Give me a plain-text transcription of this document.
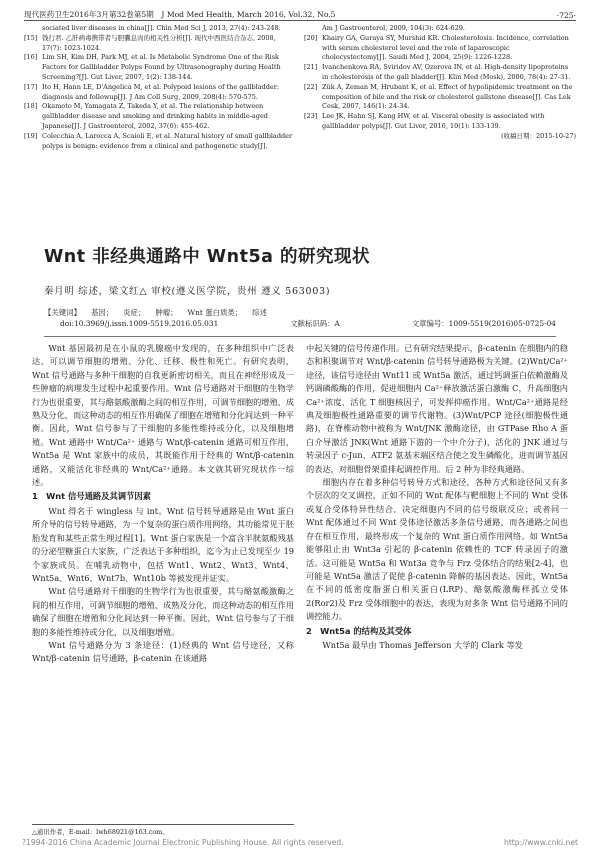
现代医药卫生2016年3月第32卷第5期　J Mod Med Health, March 2016, Vol.32, No.5	·725·
sociated liver diseases in china[J]. Chin Med Sci J, 2013, 27(4): 243-248.
[15] 钱行君. 乙肝病毒携带者与胆囊息肉的相关性分析[J]. 现代中西医结合杂志, 2008, 17(7): 1023-1024.
[16] Lim SH, Kim DH, Park MJ, et al. Is Metabolic Syndrome One of the Risk Factors for Gallbladder Polyps Found by Ultrasonography during Health Screening?[J]. Gut Liver, 2007, 1(2): 138-144.
[17] Ito H, Hann LE, D'Angelica M, et al. Polypoid lesions of the gallbladder: diagnosis and followup[J]. J Am Coll Surg, 2009, 208(4): 570-575.
[18] Okamoto M, Yamagata Z, Takeda Y, et al. The relationship between gallbladder disease and smoking and drinking habits in middle-aged Japanese[J]. J Gastroenterol, 2002, 37(6): 455-462.
[19] Colecchia A, Larocca A, Scaioli E, et al. Natural history of small gallbladder polyps is benign: evidence from a clinical and pathogenetic study[J].
Am J Gastroenterol, 2009, 104(3): 624-629.
[20] Khairy GA, Guraya SY, Murshid KR. Cholesterolosis. Incidence, correlation with serum cholesterol level and the role of laparoscopic cholecystectomy[J]. Saudi Med J, 2004, 25(9): 1226-1228.
[21] Ivanchenkova RA, Sviridov AV, Ozerova IN, et al. High-density lipoproteins in cholesterosis of the gall bladder[J]. Klin Med (Mosk), 2000, 78(4): 27-31.
[22] Zük A, Zeman M, Hrubant K, et al. Effect of hypolipidemic treatment on the composition of bile and the risk or cholesterol gallstone disease[J]. Cas Lek Cesk, 2007, 146(1): 24-34.
[23] Lee JK, Hahn SJ, Kang HW, et al. Visceral obesity is associated with gallbladder polyps[J]. Gut Liver, 2016, 10(1): 133-139.
(收稿日期：2015-10-27)
Wnt 非经典通路中 Wnt5a 的研究现状
秦月明 综述，梁文红△ 审校(遵义医学院，贵州 遵义 563003)
【关键词】 基因； 炎症； 肿瘤； Wnt 蛋白质类； 综述
doi:10.3969/j.issn.1009-5519.2016.05.031	文献标识码：A	文章编号：1009-5519(2016)05-0725-04

Wnt 基因最初是在小鼠的乳腺癌中发现的，在多种组织中广泛表达，可以调节细胞的增殖、分化、迁移、极性和死亡。有研究表明，Wnt 信号通路与多种干细胞的自我更新密切相关，而且在神经形成及一些肿瘤的病理发生过程中起重要作用。Wnt 信号通路对干细胞的生物学行为也很重要，其与酪氨酸激酶之间的相互作用，可调节细胞的增殖、成熟及分化，而这种动态的相互作用确保了细胞在增殖和分化间达到一种平衡。因此，Wnt 信号参与了干细胞的多能性维持或分化，以及细胞增殖。Wnt 通路中 Wnt/Ca²⁺ 通路与 Wnt/β-catenin 通路可相互作用，Wnt5a 是 Wnt 家族中的成员，其既能作用于经典的 Wnt/β-catenin 通路，又能活化非经典的 Wnt/Ca²⁺通路。本文就其研究现状作一综述。

1　Wnt 信号通路及其调节因素

Wnt 得名于 wingless 与 int。Wnt 信号转导通路是由 Wnt 蛋白所介导的信号转导通路，为一个复杂的蛋白质作用网络，其功能常见于胚胎发育和某些正常生理过程[1]。Wnt 蛋白家族是一个富含半胱氨酸残基的分泌型糖蛋白大家族，广泛表达于多种组织，迄今为止已发现至少 19 个家族成员。在哺乳动物中，包括 Wnt1、Wnt2、Wnt3、Wnt4、Wnt5a、Wnt6、Wnt7b、Wnt10b 等被发现并证实。

Wnt 信号通路对干细胞的生物学行为也很重要，其与酪氨酸激酶之间的相互作用，可调节细胞的增殖、成熟及分化，而这种动态的相互作用确保了细胞在增殖和分化间达到一种平衡。因此，Wnt 信号参与了干细胞的多能性维持或分化，以及细胞增殖。

Wnt 信号通路分为 3 条途径：(1)经典的 Wnt 信号途径，又称 Wnt/β-catenin 信号通路，β-catenin 在该通路

中起关键的信号传递作用。已有研究结果提示，β-catenin 在细胞内的稳态和积聚调节对 Wnt/β-catenin 信号转导通路极为关键。(2)Wnt/Ca²⁺途径，该信号途径由 Wnt11 或 Wnt5a 激活，通过钙调蛋白依赖激酶及钙调磷酸酶的作用，促进细胞内 Ca²⁺释放激活蛋白激酶 C，升高细胞内 Ca²⁺浓度，活化 T 细胞核因子，可发挥抑癌作用。Wnt/Ca²⁺通路是经典及细胞极性通路重要的调节代谢物。(3)Wnt/PCP 途径(细胞极性通路)，在脊椎动物中被称为 Wnt/JNK 激酶途径，由 GTPase Rho A 蛋白介导激活 JNK(Wnt 通路下游的一个中介分子)，活化的 JNK 通过与转录因子 c-Jun、ATF2 氨基末端区结合使之发生磷酸化，进而调节基因的表达，对细胞骨架重排起调控作用。后 2 种为非经典通路。

细胞内存在着多种信号转导方式和途径，各种方式和途径间又有多个层次的交叉调控，正如不同的 Wnt 配体与靶细胞上不同的 Wnt 受体或复合受体特异性结合，决定细胞内不同的信号级联反应；或者同一 Wnt 配体通过不同 Wnt 受体途径激活多条信号通路，而各通路之间也存在相互作用，最终形成一个复杂的 Wnt 蛋白质作用网络。如 Wnt5a 能够阻止由 Wnt3a 引起的 β-catenin 依赖性的 TCF 转录因子的激活。这可能是 Wnt5a 和 Wnt3a 竞争与 Frz 受体结合的结果[2-4]，也可能是 Wnt5a 激活了促使 β-catenin 降解的基因表达。因此，Wnt5a 在不同的低密度脂蛋白相关蛋白(LRP)、酪氨酸激酶样孤立受体 2(Ror2)及 Frz 受体细胞中的表达，表现为对多条 Wnt 信号通路不同的调控能力。

2　Wnt5a 的结构及其受体

Wnt5a 最早由 Thomas Jefferson 大学的 Clark 等发

△通讯作者，E-mail：lwh68921@163.com。
?1994-2016 China Academic Journal Electronic Publishing House. All rights reserved.	http://www.cnki.net
